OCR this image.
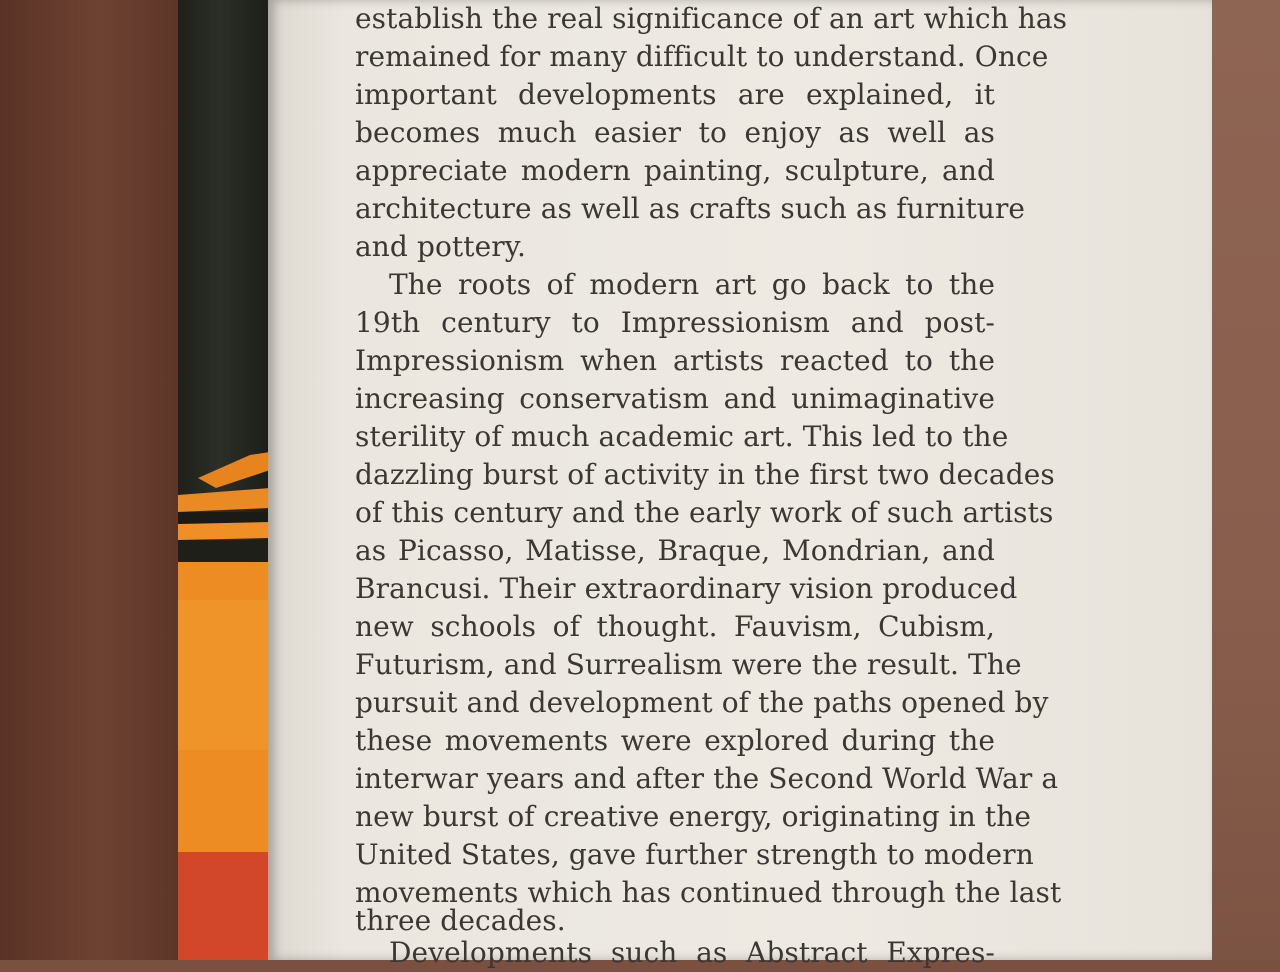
establish the real significance of an art which has
remained for many difficult to understand. Once
important developments are explained, it
becomes much easier to enjoy as well as
appreciate modern painting, sculpture, and
architecture as well as crafts such as furniture
and pottery.
The roots of modern art go back to the
19th century to Impressionism and post-
Impressionism when artists reacted to the
increasing conservatism and unimaginative
sterility of much academic art. This led to the
dazzling burst of activity in the first two decades
of this century and the early work of such artists
as Picasso, Matisse, Braque, Mondrian, and
Brancusi. Their extraordinary vision produced
new schools of thought. Fauvism, Cubism,
Futurism, and Surrealism were the result. The
pursuit and development of the paths opened by
these movements were explored during the
interwar years and after the Second World War a
new burst of creative energy, originating in the
United States, gave further strength to modern
movements which has continued through the last
three decades.
Developments such as Abstract Expres-
